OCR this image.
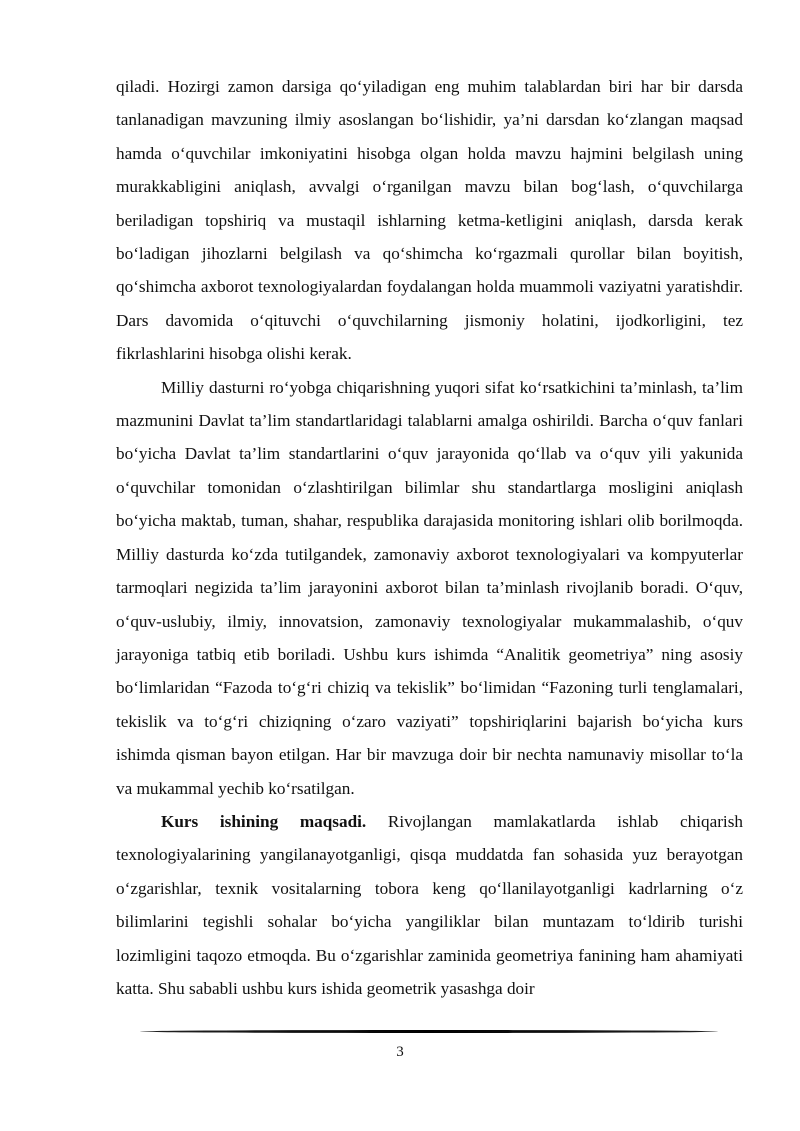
qiladi. Hozirgi zamon darsiga qo‘yiladigan eng muhim talablardan biri har bir darsda tanlanadigan mavzuning ilmiy asoslangan bo‘lishidir, ya’ni darsdan ko‘zlangan maqsad hamda o‘quvchilar imkoniyatini hisobga olgan holda mavzu hajmini belgilash uning murakkabligini aniqlash, avvalgi o‘rganilgan mavzu bilan bog‘lash, o‘quvchilarga beriladigan topshiriq va mustaqil ishlarning ketma-ketligini aniqlash, darsda kerak bo‘ladigan jihozlarni belgilash va qo‘shimcha ko‘rgazmali qurollar bilan boyitish, qo‘shimcha axborot texnologiyalardan foydalangan holda muammoli vaziyatni yaratishdir. Dars davomida o‘qituvchi o‘quvchilarning jismoniy holatini, ijodkorligini, tez fikrlashlarini hisobga olishi kerak.

Milliy dasturni ro‘yobga chiqarishning yuqori sifat ko‘rsatkichini ta’minlash, ta’lim mazmunini Davlat ta’lim standartlaridagi talablarni amalga oshirildi. Barcha o‘quv fanlari bo‘yicha Davlat ta’lim standartlarini o‘quv jarayonida qo‘llab va o‘quv yili yakunida o‘quvchilar tomonidan o‘zlashtirilgan bilimlar shu standartlarga mosligini aniqlash bo‘yicha maktab, tuman, shahar, respublika darajasida monitoring ishlari olib borilmoqda. Milliy dasturda ko‘zda tutilgandek, zamonaviy axborot texnologiyalari va kompyuterlar tarmoqlari negizida ta’lim jarayonini axborot bilan ta’minlash rivojlanib boradi. O‘quv, o‘quv-uslubiy, ilmiy, innovatsion, zamonaviy texnologiyalar mukammalashib, o‘quv jarayoniga tatbiq etib boriladi. Ushbu kurs ishimda “Analitik geometriya” ning asosiy bo‘limlaridan “Fazoda to‘g‘ri chiziq va tekislik” bo‘limidan “Fazoning turli tenglamalari, tekislik va to‘g‘ri chiziqning o‘zaro vaziyati” topshiriqlarini bajarish bo‘yicha kurs ishimda qisman bayon etilgan. Har bir mavzuga doir bir nechta namunaviy misollar to‘la va mukammal yechib ko‘rsatilgan.

Kurs ishining maqsadi. Rivojlangan mamlakatlarda ishlab chiqarish texnologiyalarining yangilanayotganligi, qisqa muddatda fan sohasida yuz berayotgan o‘zgarishlar, texnik vositalarning tobora keng qo‘llanilayotganligi kadrlarning o‘z bilimlarini tegishli sohalar bo‘yicha yangiliklar bilan muntazam to‘ldirib turishi lozimligini taqozo etmoqda. Bu o‘zgarishlar zaminida geometriya fanining ham ahamiyati katta. Shu sababli ushbu kurs ishida geometrik yasashga doir

3
